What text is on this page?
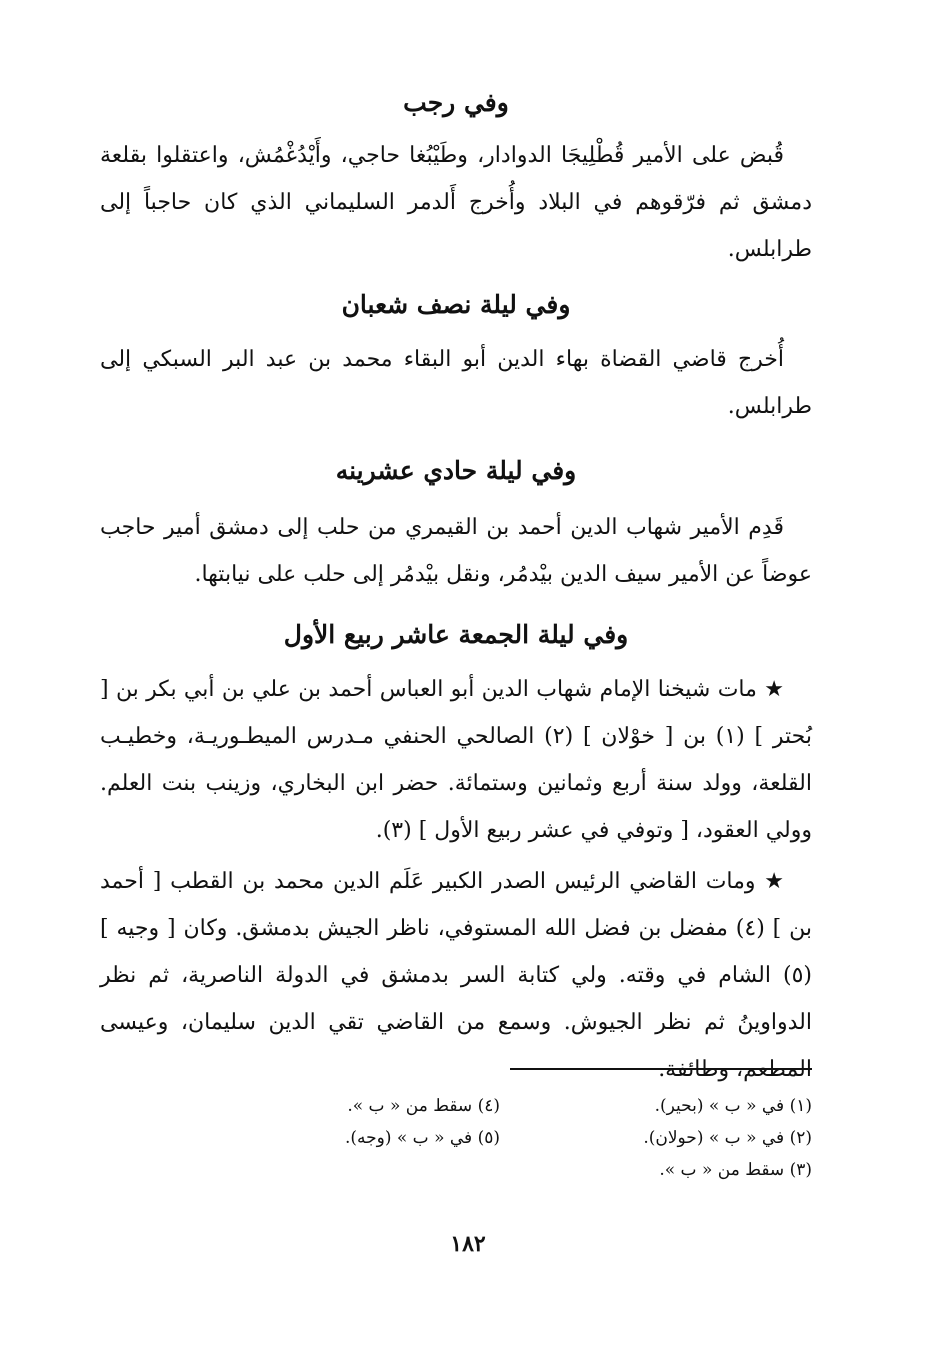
وفي رجب

قُبض على الأمير قُطْلِيجَا الدوادار، وطَيْبُغا حاجي، وأَيْدُغْمُش، واعتقلوا بقلعة دمشق ثم فرّقوهم في البلاد وأُخرج أَلدمر السليماني الذي كان حاجباً إلى طرابلس.

وفي ليلة نصف شعبان

أُخرج قاضي القضاة بهاء الدين أبو البقاء محمد بن عبد البر السبكي إلى طرابلس.

وفي ليلة حادي عشرينه

قَدِم الأمير شهاب الدين أحمد بن القيمري من حلب إلى دمشق أمير حاجب عوضاً عن الأمير سيف الدين بيْدمُر، ونقل بيْدمُر إلى حلب على نيابتها.

وفي ليلة الجمعة عاشر ربيع الأول

★ مات شيخنا الإمام شهاب الدين أبو العباس أحمد بن علي بن أبي بكر بن [ بُحتر ] (١) بن [ خوْلان ] (٢) الصالحي الحنفي مـدرس الميطـوريـة، وخطيـب القلعة، وولد سنة أربع وثمانين وستمائة. حضر ابن البخاري، وزينب بنت العلم. وولي العقود، [ وتوفي في عشر ربيع الأول ] (٣).

★ ومات القاضي الرئيس الصدر الكبير عَلَم الدين محمد بن القطب [ أحمد بن ] (٤) مفضل بن فضل الله المستوفي، ناظر الجيش بدمشق. وكان [ وجيه ] (٥) الشام في وقته. ولي كتابة السر بدمشق في الدولة الناصرية، ثم نظر الدواوينُ ثم نظر الجيوش. وسمع من القاضي تقي الدين سليمان، وعيسى المطعم، وطائفة.

(١) في « ب » (بحير).
(٢) في « ب » (حولان).
(٣) سقط من « ب ».
(٤) سقط من « ب ».
(٥) في « ب » (وجه).
١٨٢
